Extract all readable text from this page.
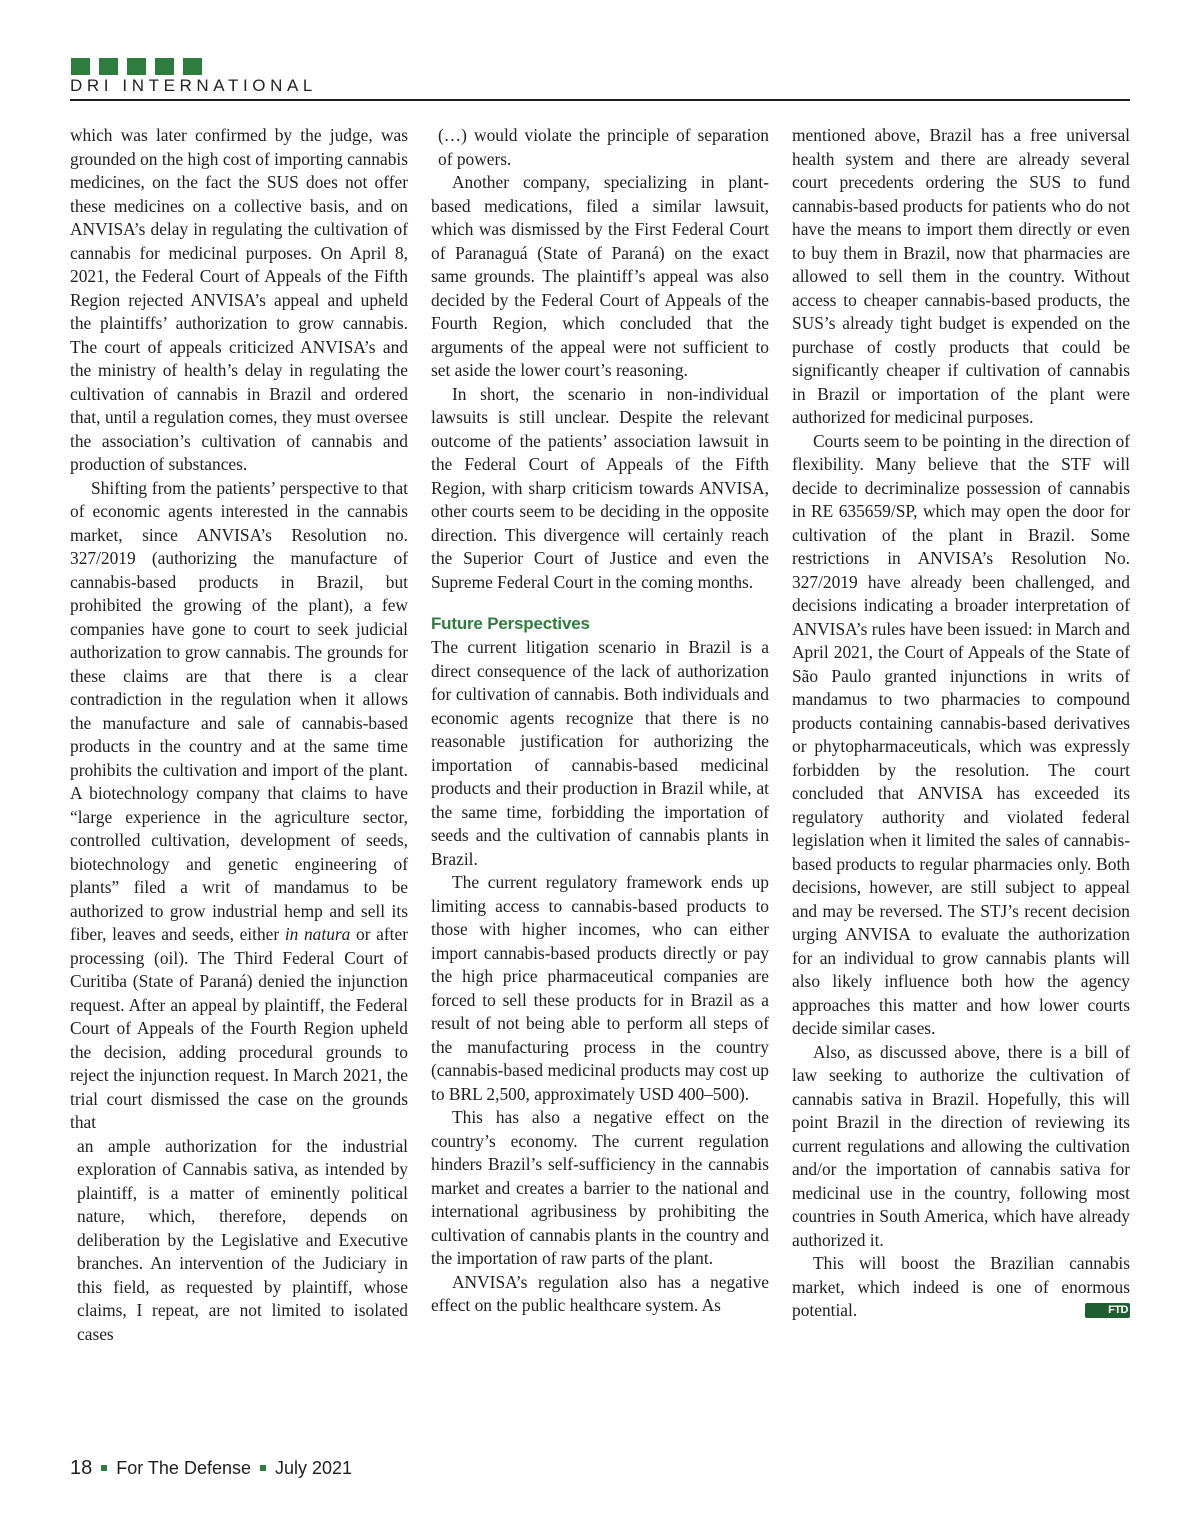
DRI INTERNATIONAL

which was later confirmed by the judge, was grounded on the high cost of importing cannabis medicines, on the fact the SUS does not offer these medicines on a collective basis, and on ANVISA’s delay in regulating the cultivation of cannabis for medicinal purposes. On April 8, 2021, the Federal Court of Appeals of the Fifth Region rejected ANVISA’s appeal and upheld the plaintiffs’ authorization to grow cannabis. The court of appeals criticized ANVISA’s and the ministry of health’s delay in regulating the cultivation of cannabis in Brazil and ordered that, until a regulation comes, they must oversee the association’s cultivation of cannabis and production of substances.

Shifting from the patients’ perspective to that of economic agents interested in the cannabis market, since ANVISA’s Resolution no. 327/2019 (authorizing the manufacture of cannabis-based products in Brazil, but prohibited the growing of the plant), a few companies have gone to court to seek judicial authorization to grow cannabis. The grounds for these claims are that there is a clear contradiction in the regulation when it allows the manufacture and sale of cannabis-based products in the country and at the same time prohibits the cultivation and import of the plant. A biotechnology company that claims to have “large experience in the agriculture sector, controlled cultivation, development of seeds, biotechnology and genetic engineering of plants” filed a writ of mandamus to be authorized to grow industrial hemp and sell its fiber, leaves and seeds, either in natura or after processing (oil). The Third Federal Court of Curitiba (State of Paraná) denied the injunction request. After an appeal by plaintiff, the Federal Court of Appeals of the Fourth Region upheld the decision, adding procedural grounds to reject the injunction request. In March 2021, the trial court dismissed the case on the grounds that

an ample authorization for the industrial exploration of Cannabis sativa, as intended by plaintiff, is a matter of eminently political nature, which, therefore, depends on deliberation by the Legislative and Executive branches. An intervention of the Judiciary in this field, as requested by plaintiff, whose claims, I repeat, are not limited to isolated cases

(…) would violate the principle of separation of powers.

Another company, specializing in plant-based medications, filed a similar lawsuit, which was dismissed by the First Federal Court of Paranaguá (State of Paraná) on the exact same grounds. The plaintiff’s appeal was also decided by the Federal Court of Appeals of the Fourth Region, which concluded that the arguments of the appeal were not sufficient to set aside the lower court’s reasoning.

In short, the scenario in non-individual lawsuits is still unclear. Despite the relevant outcome of the patients’ association lawsuit in the Federal Court of Appeals of the Fifth Region, with sharp criticism towards ANVISA, other courts seem to be deciding in the opposite direction. This divergence will certainly reach the Superior Court of Justice and even the Supreme Federal Court in the coming months.

Future Perspectives

The current litigation scenario in Brazil is a direct consequence of the lack of authorization for cultivation of cannabis. Both individuals and economic agents recognize that there is no reasonable justification for authorizing the importation of cannabis-based medicinal products and their production in Brazil while, at the same time, forbidding the importation of seeds and the cultivation of cannabis plants in Brazil.

The current regulatory framework ends up limiting access to cannabis-based products to those with higher incomes, who can either import cannabis-based products directly or pay the high price pharmaceutical companies are forced to sell these products for in Brazil as a result of not being able to perform all steps of the manufacturing process in the country (cannabis-based medicinal products may cost up to BRL 2,500, approximately USD 400–500).

This has also a negative effect on the country’s economy. The current regulation hinders Brazil’s self-sufficiency in the cannabis market and creates a barrier to the national and international agribusiness by prohibiting the cultivation of cannabis plants in the country and the importation of raw parts of the plant.

ANVISA’s regulation also has a negative effect on the public healthcare system. As

mentioned above, Brazil has a free universal health system and there are already several court precedents ordering the SUS to fund cannabis-based products for patients who do not have the means to import them directly or even to buy them in Brazil, now that pharmacies are allowed to sell them in the country. Without access to cheaper cannabis-based products, the SUS’s already tight budget is expended on the purchase of costly products that could be significantly cheaper if cultivation of cannabis in Brazil or importation of the plant were authorized for medicinal purposes.

Courts seem to be pointing in the direction of flexibility. Many believe that the STF will decide to decriminalize possession of cannabis in RE 635659/SP, which may open the door for cultivation of the plant in Brazil. Some restrictions in ANVISA’s Resolution No. 327/2019 have already been challenged, and decisions indicating a broader interpretation of ANVISA’s rules have been issued: in March and April 2021, the Court of Appeals of the State of São Paulo granted injunctions in writs of mandamus to two pharmacies to compound products containing cannabis-based derivatives or phytopharmaceuticals, which was expressly forbidden by the resolution. The court concluded that ANVISA has exceeded its regulatory authority and violated federal legislation when it limited the sales of cannabis-based products to regular pharmacies only. Both decisions, however, are still subject to appeal and may be reversed. The STJ’s recent decision urging ANVISA to evaluate the authorization for an individual to grow cannabis plants will also likely influence both how the agency approaches this matter and how lower courts decide similar cases.

Also, as discussed above, there is a bill of law seeking to authorize the cultivation of cannabis sativa in Brazil. Hopefully, this will point Brazil in the direction of reviewing its current regulations and allowing the cultivation and/or the importation of cannabis sativa for medicinal use in the country, following most countries in South America, which have already authorized it.

This will boost the Brazilian cannabis market, which indeed is one of enormous potential.	FTD

18 For The Defense July 2021
